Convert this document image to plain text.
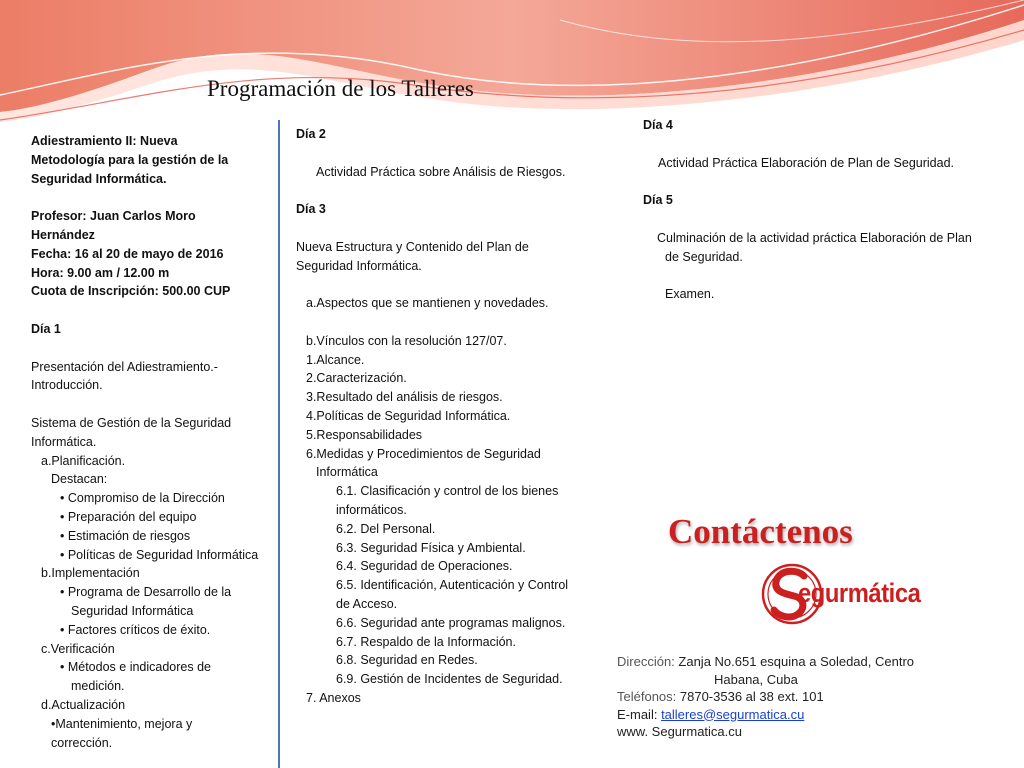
Programación de los Talleres
Adiestramiento II: Nueva
Metodología para la gestión de la
Seguridad Informática.
Profesor: Juan Carlos Moro
Hernández
Fecha: 16 al 20 de mayo de 2016
Hora: 9.00 am / 12.00 m
Cuota de Inscripción: 500.00 CUP
Día 1
Presentación del Adiestramiento.-
Introducción.
Sistema de Gestión de la Seguridad
Informática.
a.Planificación.
Destacan:
• Compromiso de la Dirección
• Preparación del equipo
• Estimación de riesgos
• Políticas de Seguridad Informática
b.Implementación
• Programa de Desarrollo de la
Seguridad Informática
• Factores críticos de éxito.
c.Verificación
• Métodos e indicadores de
medición.
d.Actualización
•Mantenimiento, mejora y
corrección.
Día 2
Actividad Práctica sobre Análisis de Riesgos.
Día 3
Nueva Estructura y Contenido del Plan de
Seguridad Informática.
a.Aspectos que se mantienen y novedades.
b.Vínculos con la resolución 127/07.
1.Alcance.
2.Caracterización.
3.Resultado del análisis de riesgos.
4.Políticas de Seguridad Informática.
5.Responsabilidades
6.Medidas y Procedimientos de Seguridad
Informática
6.1. Clasificación y control de los bienes
informáticos.
6.2. Del Personal.
6.3. Seguridad Física y Ambiental.
6.4. Seguridad de Operaciones.
6.5. Identificación, Autenticación y Control
de Acceso.
6.6. Seguridad ante programas malignos.
6.7. Respaldo de la Información.
6.8. Seguridad en Redes.
6.9. Gestión de Incidentes de Seguridad.
7. Anexos
Día 4
Actividad Práctica Elaboración de Plan de Seguridad.
Día 5
Culminación de la actividad práctica Elaboración de Plan
de Seguridad.
Examen.
Contáctenos
egurmática
Dirección: Zanja No.651 esquina a Soledad, Centro
Habana, Cuba
Teléfonos: 7870-3536 al 38 ext. 101
E-mail: talleres@segurmatica.cu
www. Segurmatica.cu
